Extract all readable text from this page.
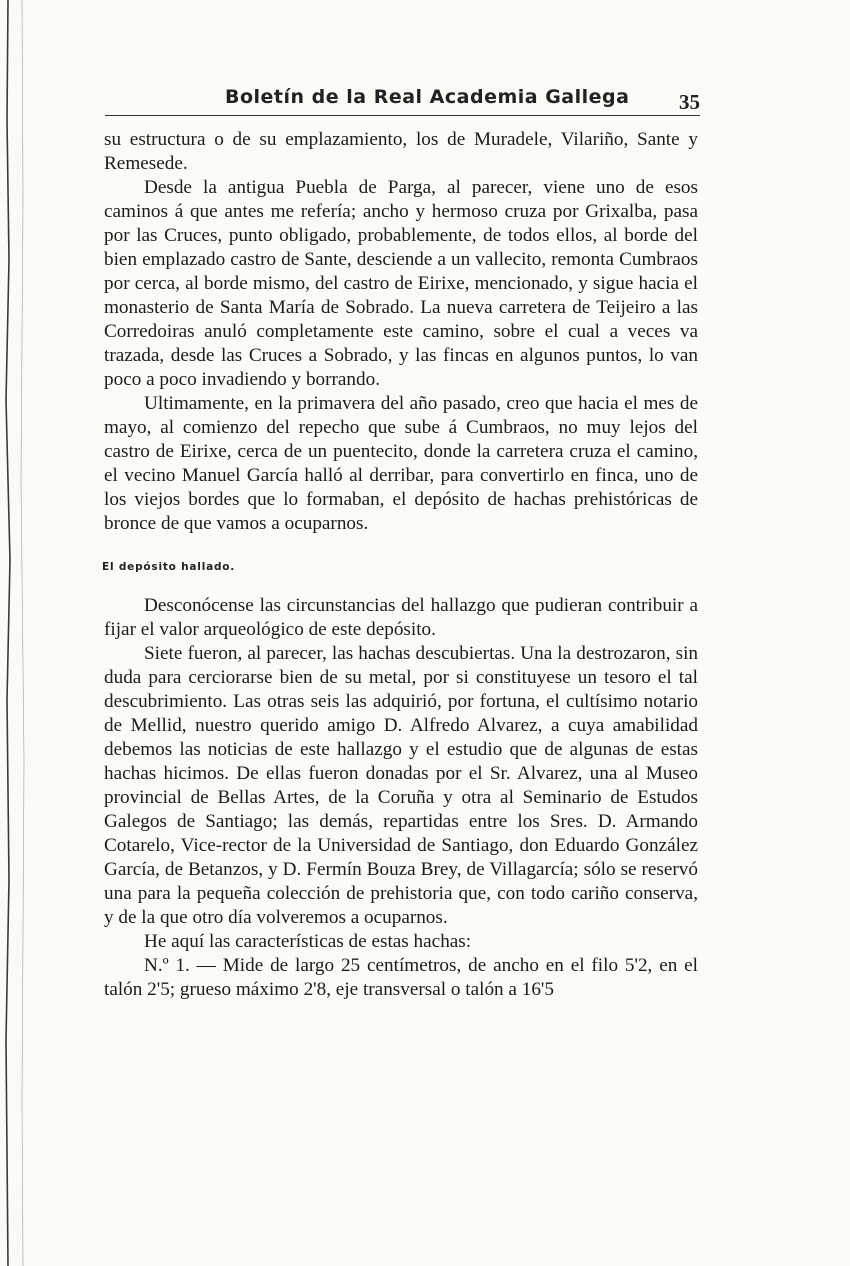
Boletín de la Real Academia Gallega 35

su estructura o de su emplazamiento, los de Muradele, Vilariño, Sante y Remesede.

Desde la antigua Puebla de Parga, al parecer, viene uno de esos caminos á que antes me refería; ancho y hermoso cruza por Grixalba, pasa por las Cruces, punto obligado, probablemente, de todos ellos, al borde del bien emplazado castro de Sante, desciende a un vallecito, remonta Cumbraos por cerca, al borde mismo, del castro de Eirixe, mencionado, y sigue hacia el monasterio de Santa María de Sobrado. La nueva carretera de Teijeiro a las Corredoiras anuló completamente este camino, sobre el cual a veces va trazada, desde las Cruces a Sobrado, y las fincas en algunos puntos, lo van poco a poco invadiendo y borrando.

Ultimamente, en la primavera del año pasado, creo que hacia el mes de mayo, al comienzo del repecho que sube á Cumbraos, no muy lejos del castro de Eirixe, cerca de un puentecito, donde la carretera cruza el camino, el vecino Manuel García halló al derribar, para convertirlo en finca, uno de los viejos bordes que lo formaban, el depósito de hachas prehistóricas de bronce de que vamos a ocuparnos.

El depósito hallado.

Desconócense las circunstancias del hallazgo que pudieran contribuir a fijar el valor arqueológico de este depósito.

Siete fueron, al parecer, las hachas descubiertas. Una la destrozaron, sin duda para cerciorarse bien de su metal, por si constituyese un tesoro el tal descubrimiento. Las otras seis las adquirió, por fortuna, el cultísimo notario de Mellid, nuestro querido amigo D. Alfredo Alvarez, a cuya amabilidad debemos las noticias de este hallazgo y el estudio que de algunas de estas hachas hicimos. De ellas fueron donadas por el Sr. Alvarez, una al Museo provincial de Bellas Artes, de la Coruña y otra al Seminario de Estudos Galegos de Santiago; las demás, repartidas entre los Sres. D. Armando Cotarelo, Vice-rector de la Universidad de Santiago, don Eduardo González García, de Betanzos, y D. Fermín Bouza Brey, de Villagarcía; sólo se reservó una para la pequeña colección de prehistoria que, con todo cariño conserva, y de la que otro día volveremos a ocuparnos.

He aquí las características de estas hachas:

N.º 1. — Mide de largo 25 centímetros, de ancho en el filo 5'2, en el talón 2'5; grueso máximo 2'8, eje transversal o talón a 16'5
